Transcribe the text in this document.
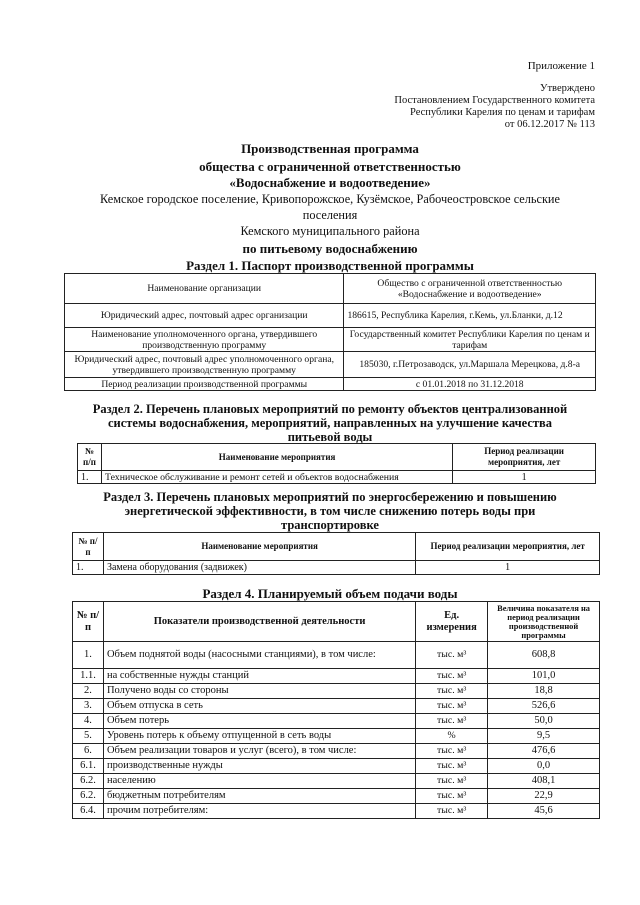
Приложение 1
Утверждено
Постановлением Государственного комитета
Республики Карелия по ценам и тарифам
от 06.12.2017 № 113
Производственная программа
общества с ограниченной ответственностью
«Водоснабжение и водоотведение»
Кемское городское поселение, Кривопорожское, Кузёмское, Рабочеостровское сельские
поселения
Кемского муниципального района
по питьевому водоснабжению
Раздел 1. Паспорт производственной программы
Наименование организации	Общество с ограниченной ответственностью «Водоснабжение и водоотведение»
Юридический адрес, почтовый адрес организации	186615, Республика Карелия, г.Кемь, ул.Бланки, д.12
Наименование уполномоченного органа, утвердившего производственную программу	Государственный комитет Республики Карелия по ценам и тарифам
Юридический адрес, почтовый адрес уполномоченного органа, утвердившего производственную программу	185030, г.Петрозаводск, ул.Маршала Мерецкова, д.8-а
Период реализации производственной программы	с 01.01.2018 по 31.12.2018
Раздел 2. Перечень плановых мероприятий по ремонту объектов централизованной
системы водоснабжения, мероприятий, направленных на улучшение качества
питьевой воды
№ п/п	Наименование мероприятия	Период реализации мероприятия, лет
1.	Техническое обслуживание и ремонт сетей и объектов водоснабжения	1
Раздел 3. Перечень плановых мероприятий по энергосбережению и повышению
энергетической эффективности, в том числе снижению потерь воды при
транспортировке
№ п/п	Наименование мероприятия	Период реализации мероприятия, лет
1.	Замена оборудования (задвижек)	1
Раздел 4. Планируемый объем подачи воды
№ п/п	Показатели производственной деятельности	Ед. измерения	Величина показателя на период реализации производственной программы
1.	Объем поднятой воды (насосными станциями), в том числе:	тыс. м³	608,8
1.1.	на собственные нужды станций	тыс. м³	101,0
2.	Получено воды со стороны	тыс. м³	18,8
3.	Объем отпуска в сеть	тыс. м³	526,6
4.	Объем потерь	тыс. м³	50,0
5.	Уровень потерь к объему отпущенной в сеть воды	%	9,5
6.	Объем реализации товаров и услуг (всего), в том числе:	тыс. м³	476,6
6.1.	производственные нужды	тыс. м³	0,0
6.2.	населению	тыс. м³	408,1
6.2.	бюджетным потребителям	тыс. м³	22,9
6.4.	прочим потребителям:	тыс. м³	45,6
